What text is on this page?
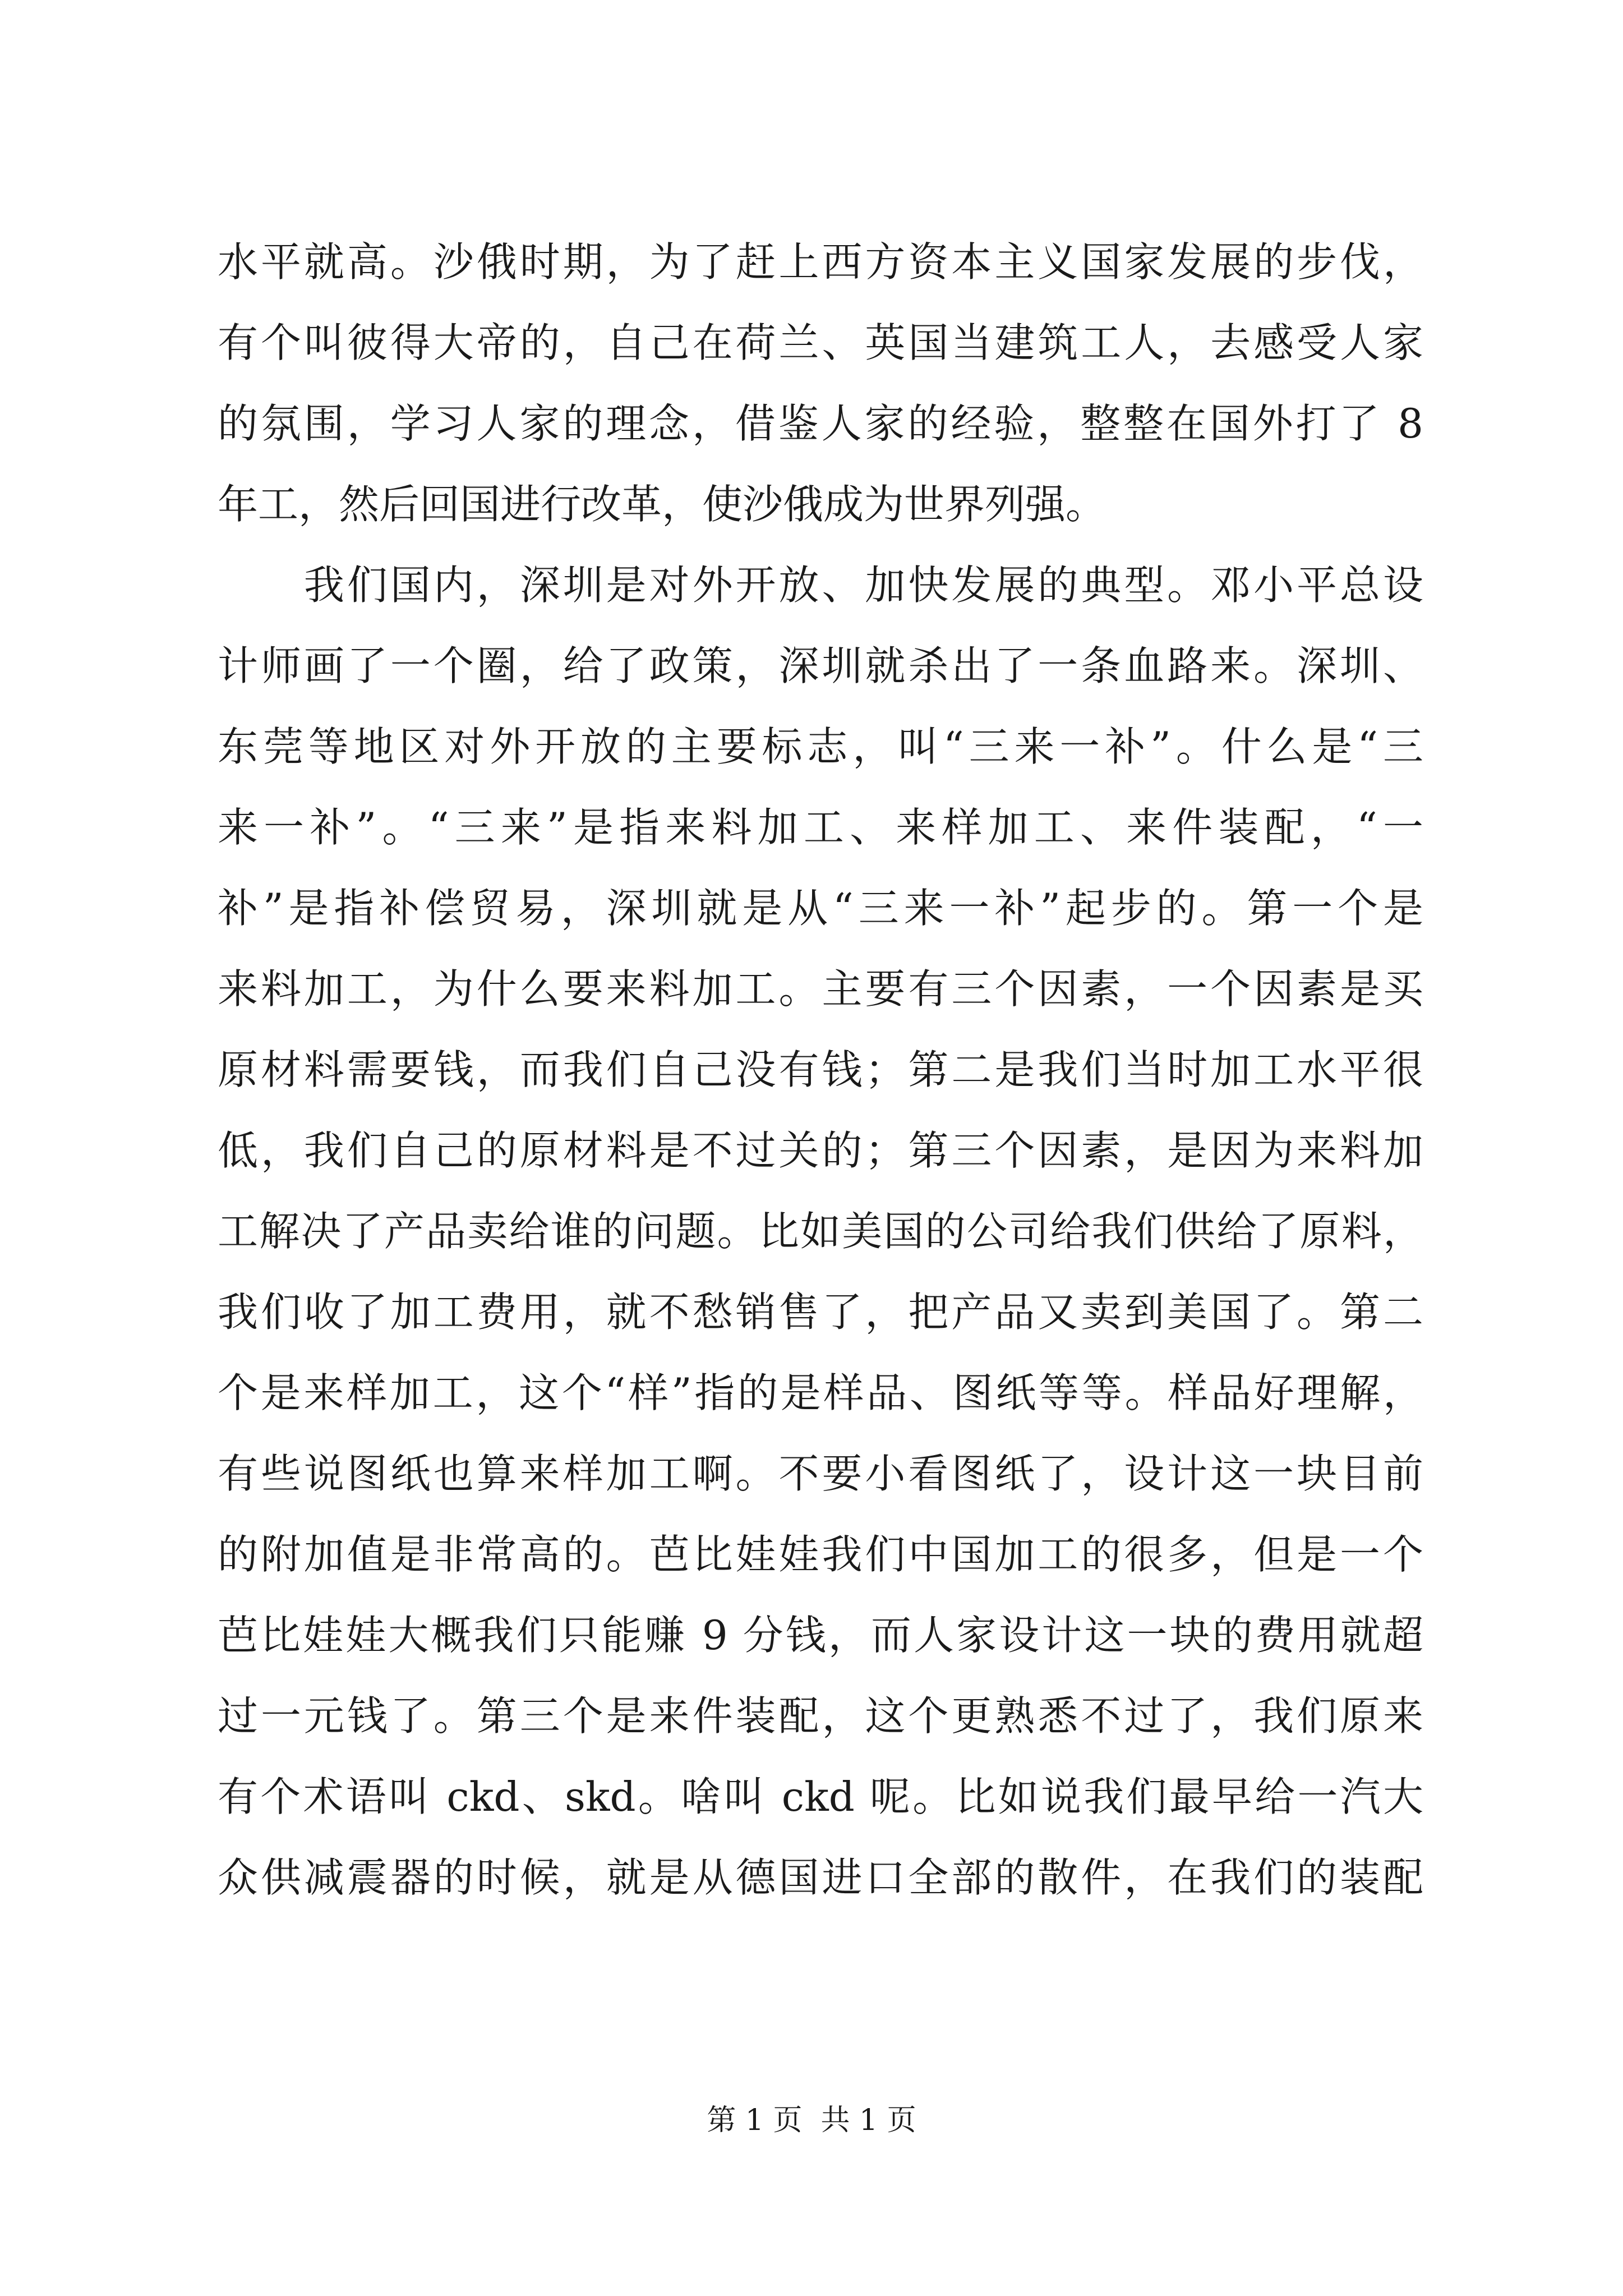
水平就高。沙俄时期，为了赶上西方资本主义国家发展的步伐，
有个叫彼得大帝的，自己在荷兰、英国当建筑工人，去感受人家
的氛围，学习人家的理念，借鉴人家的经验，整整在国外打了 8
年工，然后回国进行改革，使沙俄成为世界列强。
　　我们国内，深圳是对外开放、加快发展的典型。邓小平总设
计师画了一个圈，给了政策，深圳就杀出了一条血路来。深圳、
东莞等地区对外开放的主要标志，叫“三来一补”。什么是“三
来一补”。“三来”是指来料加工、来样加工、来件装配，“一
补”是指补偿贸易，深圳就是从“三来一补”起步的。第一个是
来料加工，为什么要来料加工。主要有三个因素，一个因素是买
原材料需要钱，而我们自己没有钱；第二是我们当时加工水平很
低，我们自己的原材料是不过关的；第三个因素，是因为来料加
工解决了产品卖给谁的问题。比如美国的公司给我们供给了原料，
我们收了加工费用，就不愁销售了，把产品又卖到美国了。第二
个是来样加工，这个“样”指的是样品、图纸等等。样品好理解，
有些说图纸也算来样加工啊。不要小看图纸了，设计这一块目前
的附加值是非常高的。芭比娃娃我们中国加工的很多，但是一个
芭比娃娃大概我们只能赚 9 分钱，而人家设计这一块的费用就超
过一元钱了。第三个是来件装配，这个更熟悉不过了，我们原来
有个术语叫 ckd、skd。啥叫 ckd 呢。比如说我们最早给一汽大
众供减震器的时候，就是从德国进口全部的散件，在我们的装配
第 1 页  共 1 页
